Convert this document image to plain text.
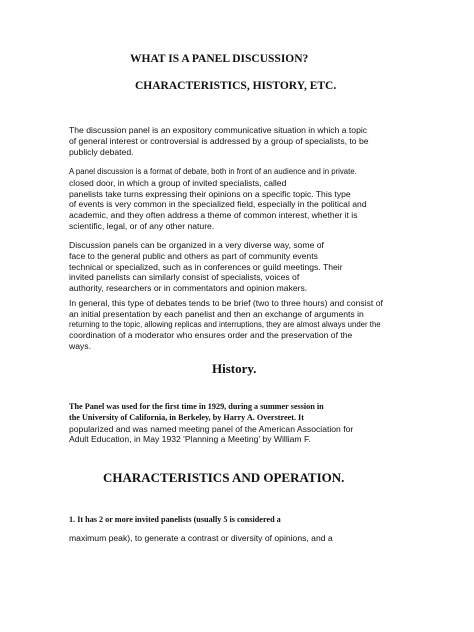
WHAT IS A PANEL DISCUSSION?
CHARACTERISTICS, HISTORY, ETC.
The discussion panel is an expository communicative situation in which a topic
of general interest or controversial is addressed by a group of specialists, to be
publicly debated.
A panel discussion is a format of debate, both in front of an audience and in private.
closed door, in which a group of invited specialists, called
panelists take turns expressing their opinions on a specific topic. This type
of events is very common in the specialized field, especially in the political and
academic, and they often address a theme of common interest, whether it is
scientific, legal, or of any other nature.
Discussion panels can be organized in a very diverse way, some of
face to the general public and others as part of community events
technical or specialized, such as in conferences or guild meetings. Their
invited panelists can similarly consist of specialists, voices of
authority, researchers or in commentators and opinion makers.
In general, this type of debates tends to be brief (two to three hours) and consist of
an initial presentation by each panelist and then an exchange of arguments in
returning to the topic, allowing replicas and interruptions, they are almost always under the
coordination of a moderator who ensures order and the preservation of the
ways.
History.
The Panel was used for the first time in 1929, during a summer session in
the University of California, in Berkeley, by Harry A. Overstreet. It
popularized and was named meeting panel of the American Association for
Adult Education, in May 1932 'Planning a Meeting' by William F.
CHARACTERISTICS AND OPERATION.
1. It has 2 or more invited panelists (usually 5 is considered a
maximum peak), to generate a contrast or diversity of opinions, and a
